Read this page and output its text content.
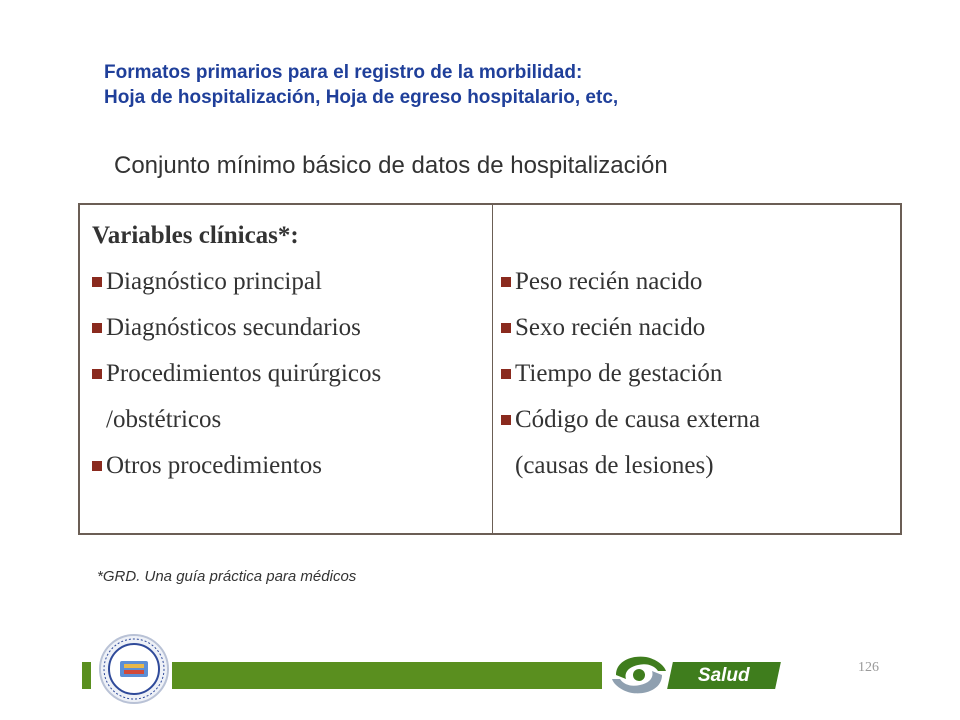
Formatos primarios para el registro de la morbilidad:
Hoja de hospitalización, Hoja de egreso hospitalario, etc,
Conjunto mínimo básico de datos de hospitalización
Variables clínicas*:
Diagnóstico principal
Diagnósticos secundarios
Procedimientos quirúrgicos
/obstétricos
Otros procedimientos
Peso recién nacido
Sexo recién nacido
Tiempo de gestación
Código de causa externa
(causas de lesiones)
*GRD. Una guía práctica para médicos
Salud	126
